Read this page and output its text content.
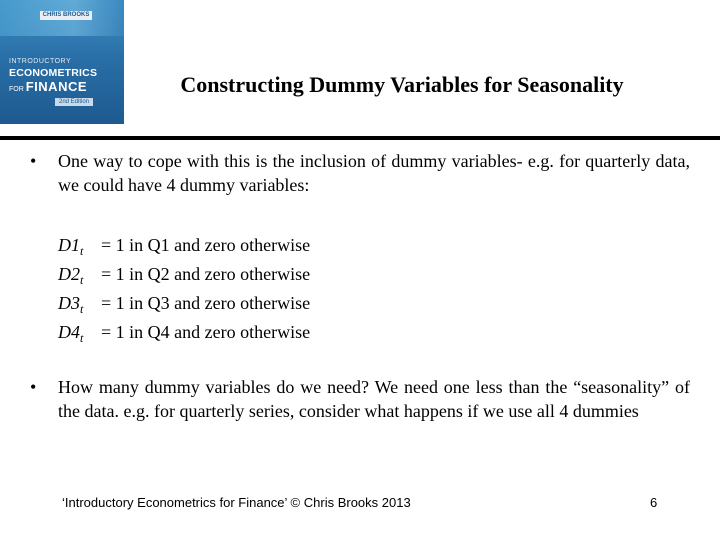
CHRIS BROOKS
INTRODUCTORY
ECONOMETRICS
FOR FINANCE
2nd Edition
Constructing Dummy Variables for Seasonality
• One way to cope with this is the inclusion of dummy variables- e.g. for quarterly data, we could have 4 dummy variables:

$D1_t = 1$ in Q1 and zero otherwise
$D2_t = 1$ in Q2 and zero otherwise
$D3_t = 1$ in Q3 and zero otherwise
$D4_t = 1$ in Q4 and zero otherwise
• How many dummy variables do we need? We need one less than the “seasonality” of the data. e.g. for quarterly series, consider what happens if we use all 4 dummies

‘Introductory Econometrics for Finance’ © Chris Brooks 2013	6
